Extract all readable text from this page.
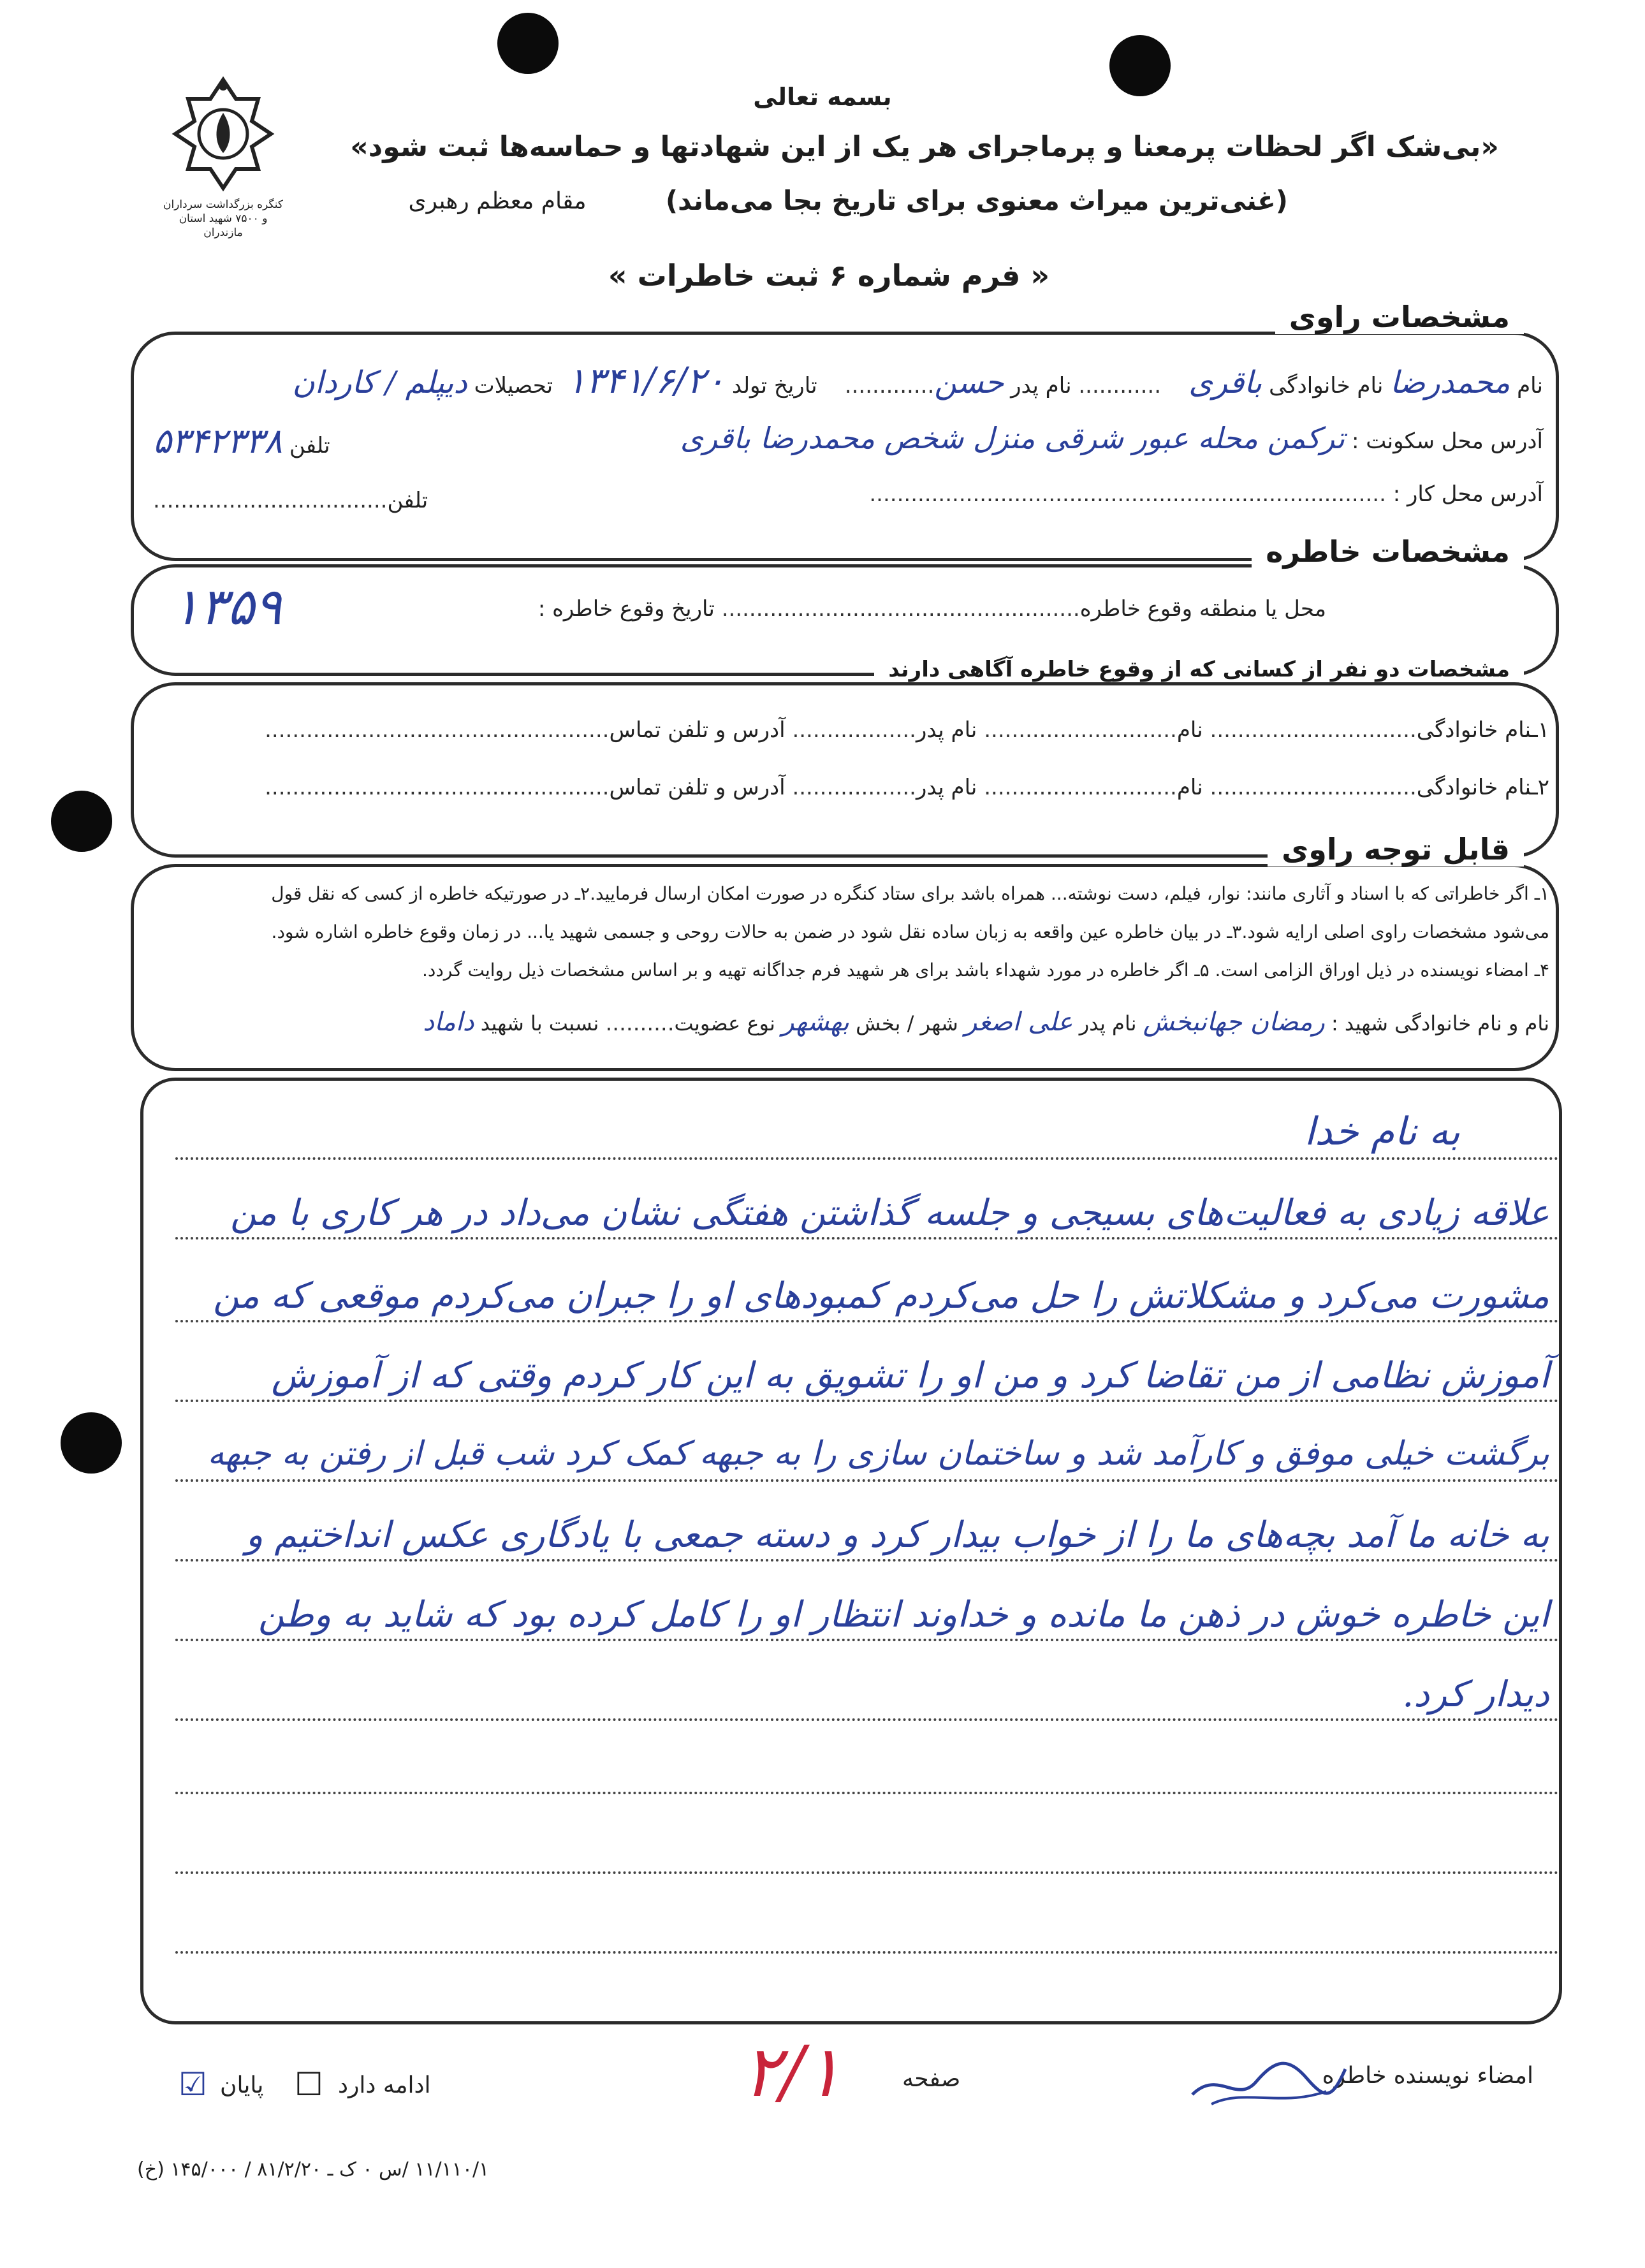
کنگره بزرگداشت سرداران و ۷۵۰۰ شهید استان مازندران
بسمه تعالی
«بی‌شک اگر لحظات پرمعنا و پرماجرای هر یک از این شهادتها و حماسه‌ها ثبت شود»
(غنی‌ترین میراث معنوی برای تاریخ بجا می‌ماند)
مقام معظم رهبری
« فرم شماره ۶ ثبت خاطرات »
مشخصات راوی
نام محمدرضا نام خانوادگی باقری    ............ نام پدر حسن.............    تاریخ تولد ۱۳۴۱/۶/۲۰  تحصیلات دیپلم / کاردان
آدرس محل سکونت : ترکمن محله عبور شرقی منزل شخص محمدرضا باقری
تلفن ۵۳۴۲۳۳۸
آدرس محل کار : ...........................................................................
تلفن..................................
مشخصات خاطره
محل یا منطقه وقوع خاطره.................................................... تاریخ وقوع خاطره :
۱۳۵۹
مشخصات دو نفر از کسانی که از وقوع خاطره آگاهی دارند
۱ـنام خانوادگی.............................. نام............................ نام پدر.................. آدرس و تلفن تماس..................................................
۲ـنام خانوادگی.............................. نام............................ نام پدر.................. آدرس و تلفن تماس..................................................
قابل توجه راوی
۱ـ اگر خاطراتی که با اسناد و آثاری مانند: نوار، فیلم، دست نوشته... همراه باشد برای ستاد کنگره در صورت امکان ارسال فرمایید.۲ـ در صورتیکه خاطره از کسی که نقل قول
می‌شود مشخصات راوی اصلی ارایه شود.۳ـ در بیان خاطره عین واقعه به زبان ساده نقل شود در ضمن به حالات روحی و جسمی شهید یا... در زمان وقوع خاطره اشاره شود.
۴ـ امضاء نویسنده در ذیل اوراق الزامی است. ۵ـ اگر خاطره در مورد شهداء باشد برای هر شهید فرم جداگانه تهیه و بر اساس مشخصات ذیل روایت گردد.
نام و نام خانوادگی شهید : رمضان جهانبخش نام پدر علی اصغر شهر / بخش بهشهر نوع عضویت.......... نسبت با شهید داماد
به نام خدا
علاقه زیادی به فعالیت‌های بسیجی و جلسه گذاشتن هفتگی نشان می‌داد در هر کاری با من
مشورت می‌کرد و مشکلاتش را حل می‌کردم کمبودهای او را جبران می‌کردم موقعی که من
آموزش نظامی از من تقاضا کرد و من او را تشویق به این کار کردم وقتی که از آموزش
برگشت خیلی موفق و کارآمد شد و ساختمان سازی را به جبهه کمک کرد شب قبل از رفتن به جبهه
به خانه ما آمد بچه‌های ما را از خواب بیدار کرد و دسته جمعی با یادگاری عکس انداختیم و
این خاطره خوش در ذهن ما مانده و خداوند انتظار او را کامل کرده بود که شاید به وطن
دیدار کرد.
امضاء نویسنده خاطره
صفحه
۲/۱
ادامه دارد
☐
پایان
☑
۱۱/۱۱۰/۱ /س ۰ ک ـ ۸۱/۲/۲۰ / ۱۴۵/۰۰۰ (خ)
